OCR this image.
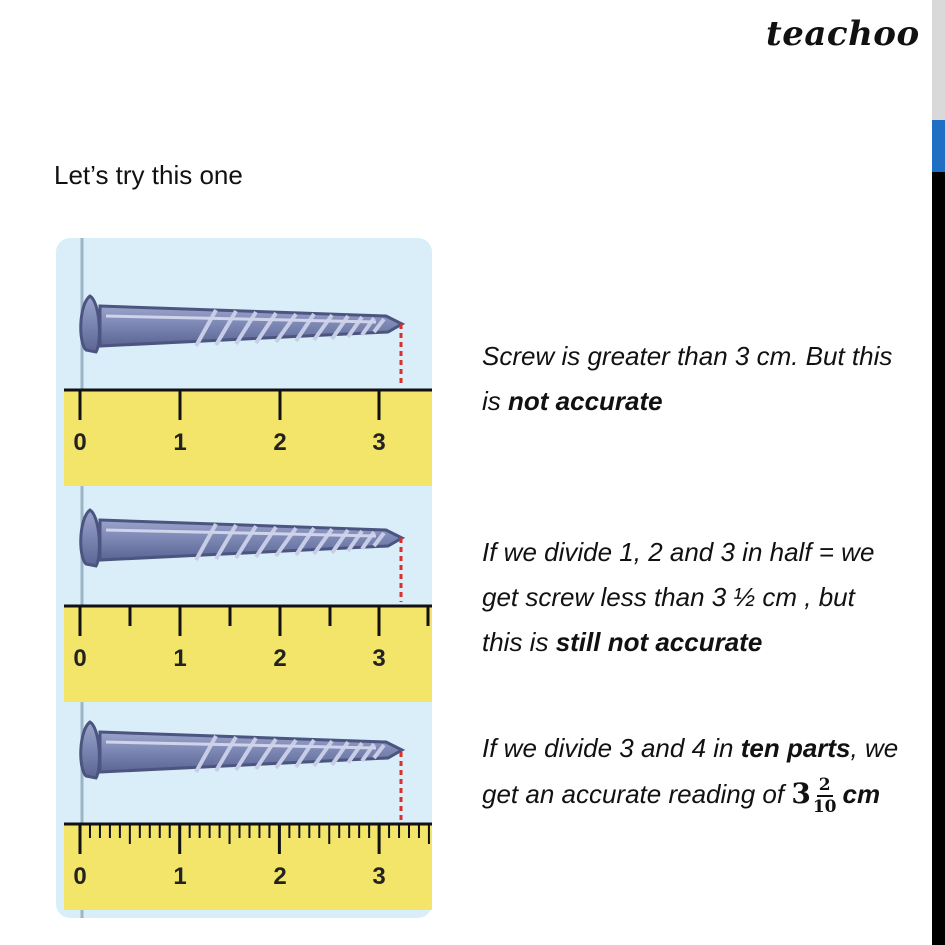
teachoo
Let’s try this one
0	1	2	3
0	1	2	3
0	1	2	3
Screw is greater than 3 cm. But this is not accurate
If we divide 1, 2 and 3 in half = we get screw less than 3 ½ cm , but this is still not accurate
If we divide 3 and 4 in ten parts, we get an accurate reading of $3 \frac{2}{10}$ cm
